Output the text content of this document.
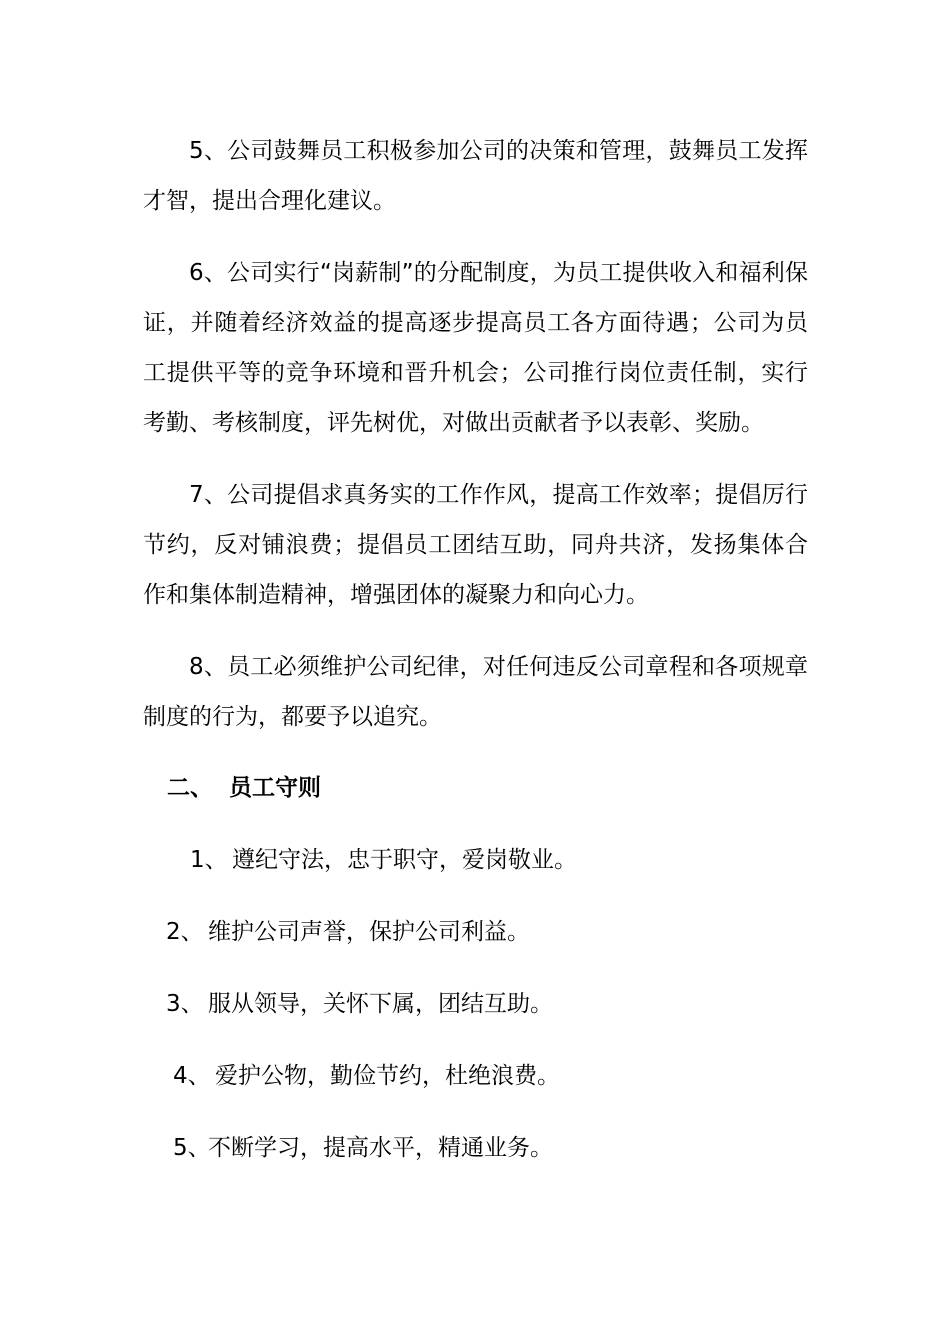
5、公司鼓舞员工积极参加公司的决策和管理，鼓舞员工发挥才智，提出合理化建议。

6、公司实行“岗薪制”的分配制度，为员工提供收入和福利保证，并随着经济效益的提高逐步提高员工各方面待遇；公司为员工提供平等的竞争环境和晋升机会；公司推行岗位责任制，实行考勤、考核制度，评先树优，对做出贡献者予以表彰、奖励。

7、公司提倡求真务实的工作作风，提高工作效率；提倡厉行节约，反对铺浪费；提倡员工团结互助，同舟共济，发扬集体合作和集体制造精神，增强团体的凝聚力和向心力。

8、员工必须维护公司纪律，对任何违反公司章程和各项规章制度的行为，都要予以追究。

二、 员工守则

1、 遵纪守法，忠于职守，爱岗敬业。

2、 维护公司声誉，保护公司利益。

3、 服从领导，关怀下属，团结互助。

4、 爱护公物，勤俭节约，杜绝浪费。

5、不断学习，提高水平，精通业务。
